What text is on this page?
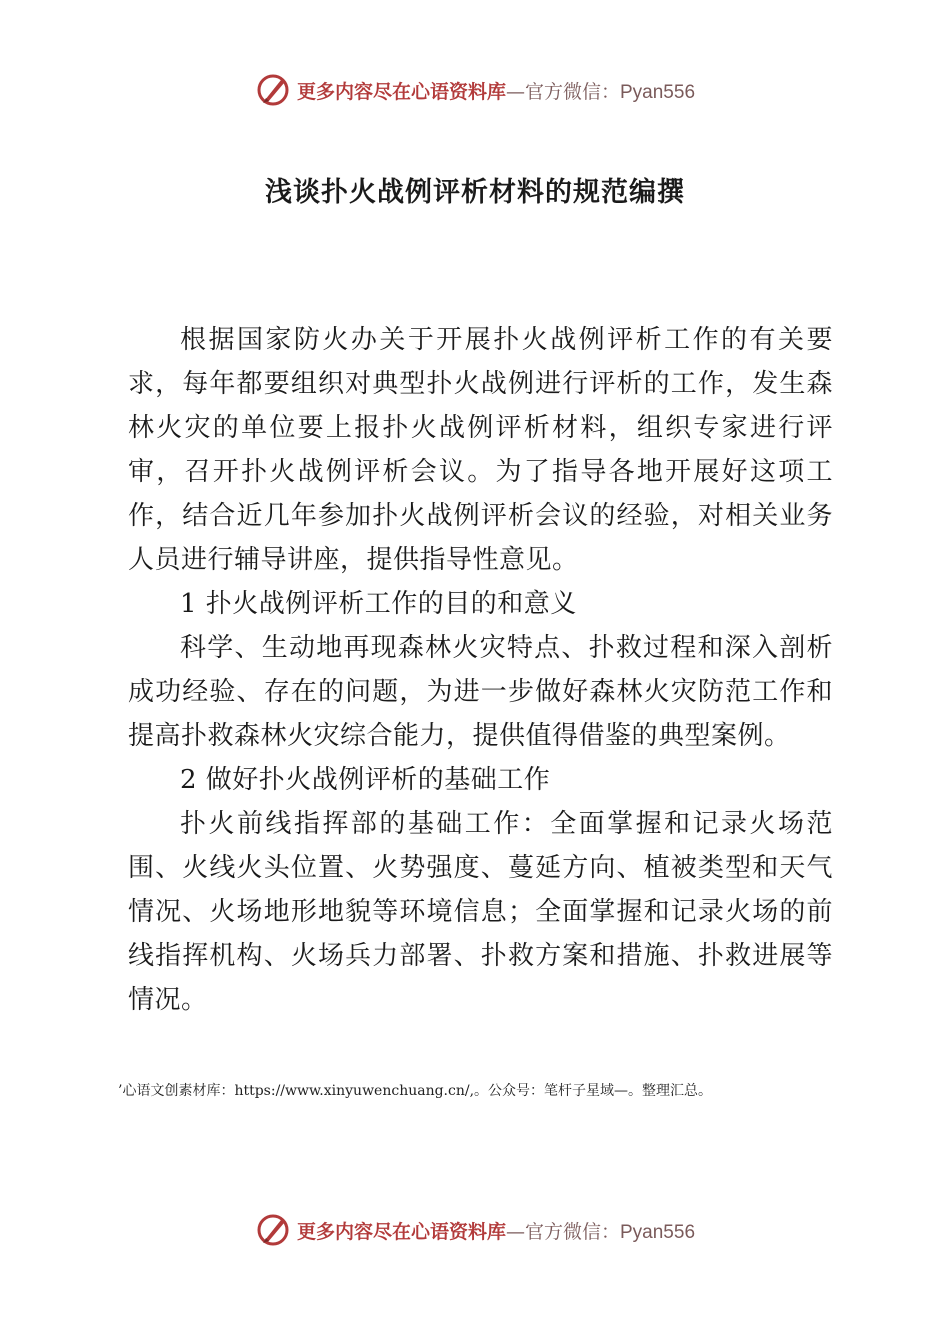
更多内容尽在心语资料库 —官方微信： Pyan556
浅谈扑火战例评析材料的规范编撰

根据国家防火办关于开展扑火战例评析工作的有关要求，每年都要组织对典型扑火战例进行评析的工作，发生森林火灾的单位要上报扑火战例评析材料，组织专家进行评审，召开扑火战例评析会议。为了指导各地开展好这项工作，结合近几年参加扑火战例评析会议的经验，对相关业务人员进行辅导讲座，提供指导性意见。

1 扑火战例评析工作的目的和意义

科学、生动地再现森林火灾特点、扑救过程和深入剖析成功经验、存在的问题，为进一步做好森林火灾防范工作和提高扑救森林火灾综合能力，提供值得借鉴的典型案例。

2 做好扑火战例评析的基础工作

扑火前线指挥部的基础工作：全面掌握和记录火场范围、火线火头位置、火势强度、蔓延方向、植被类型和天气情况、火场地形地貌等环境信息；全面掌握和记录火场的前线指挥机构、火场兵力部署、扑救方案和措施、扑救进展等情况。

’心语文创素材库：https://www.xinyuwenchuang.cn/,。公众号：笔杆子星域—。整理汇总。
更多内容尽在心语资料库 —官方微信： Pyan556
